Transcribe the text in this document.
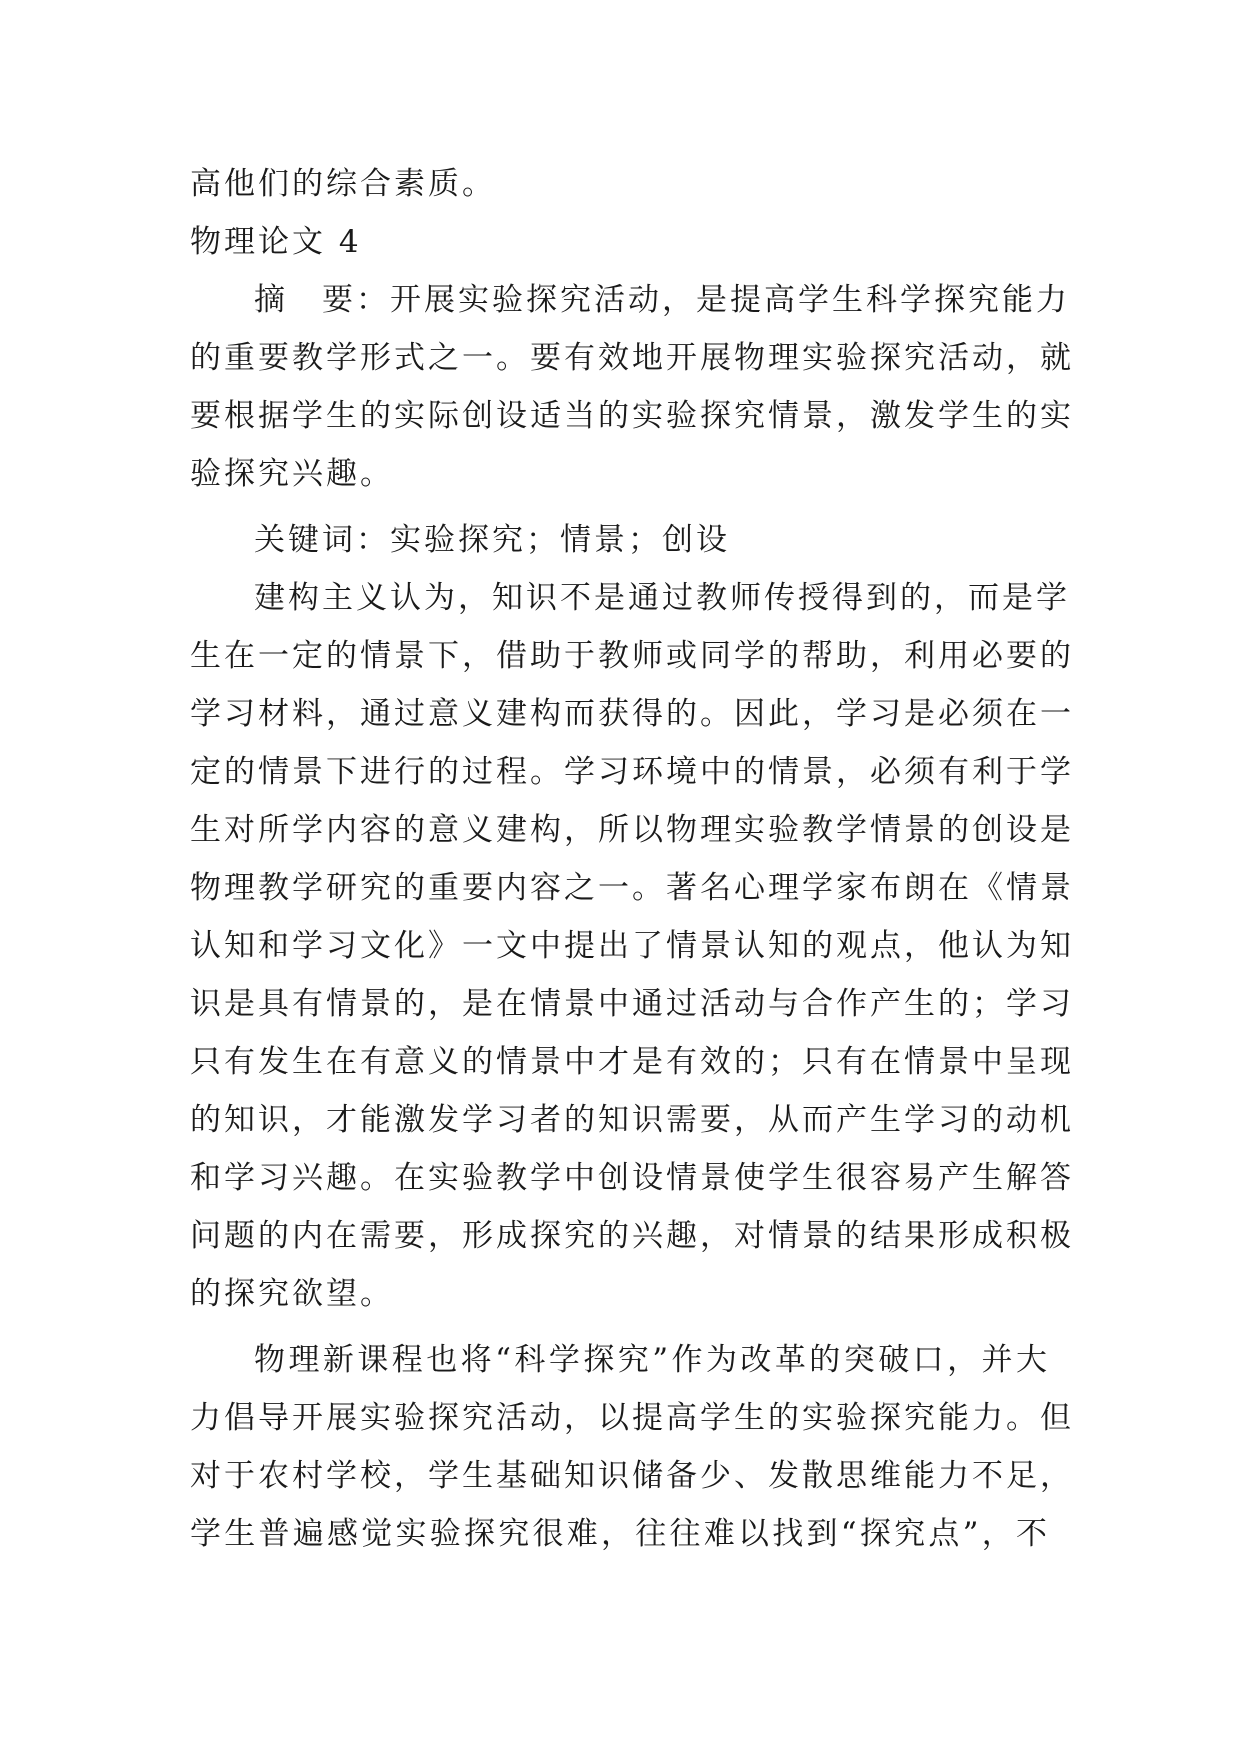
高他们的综合素质。
物理论文 4
摘　要：开展实验探究活动，是提高学生科学探究能力
的重要教学形式之一。要有效地开展物理实验探究活动，就
要根据学生的实际创设适当的实验探究情景，激发学生的实
验探究兴趣。
关键词：实验探究；情景；创设
建构主义认为，知识不是通过教师传授得到的，而是学
生在一定的情景下，借助于教师或同学的帮助，利用必要的
学习材料，通过意义建构而获得的。因此，学习是必须在一
定的情景下进行的过程。学习环境中的情景，必须有利于学
生对所学内容的意义建构，所以物理实验教学情景的创设是
物理教学研究的重要内容之一。著名心理学家布朗在《情景
认知和学习文化》一文中提出了情景认知的观点，他认为知
识是具有情景的，是在情景中通过活动与合作产生的；学习
只有发生在有意义的情景中才是有效的；只有在情景中呈现
的知识，才能激发学习者的知识需要，从而产生学习的动机
和学习兴趣。在实验教学中创设情景使学生很容易产生解答
问题的内在需要，形成探究的兴趣，对情景的结果形成积极
的探究欲望。
物理新课程也将“科学探究”作为改革的突破口，并大
力倡导开展实验探究活动，以提高学生的实验探究能力。但
对于农村学校，学生基础知识储备少、发散思维能力不足，
学生普遍感觉实验探究很难，往往难以找到“探究点”，不
